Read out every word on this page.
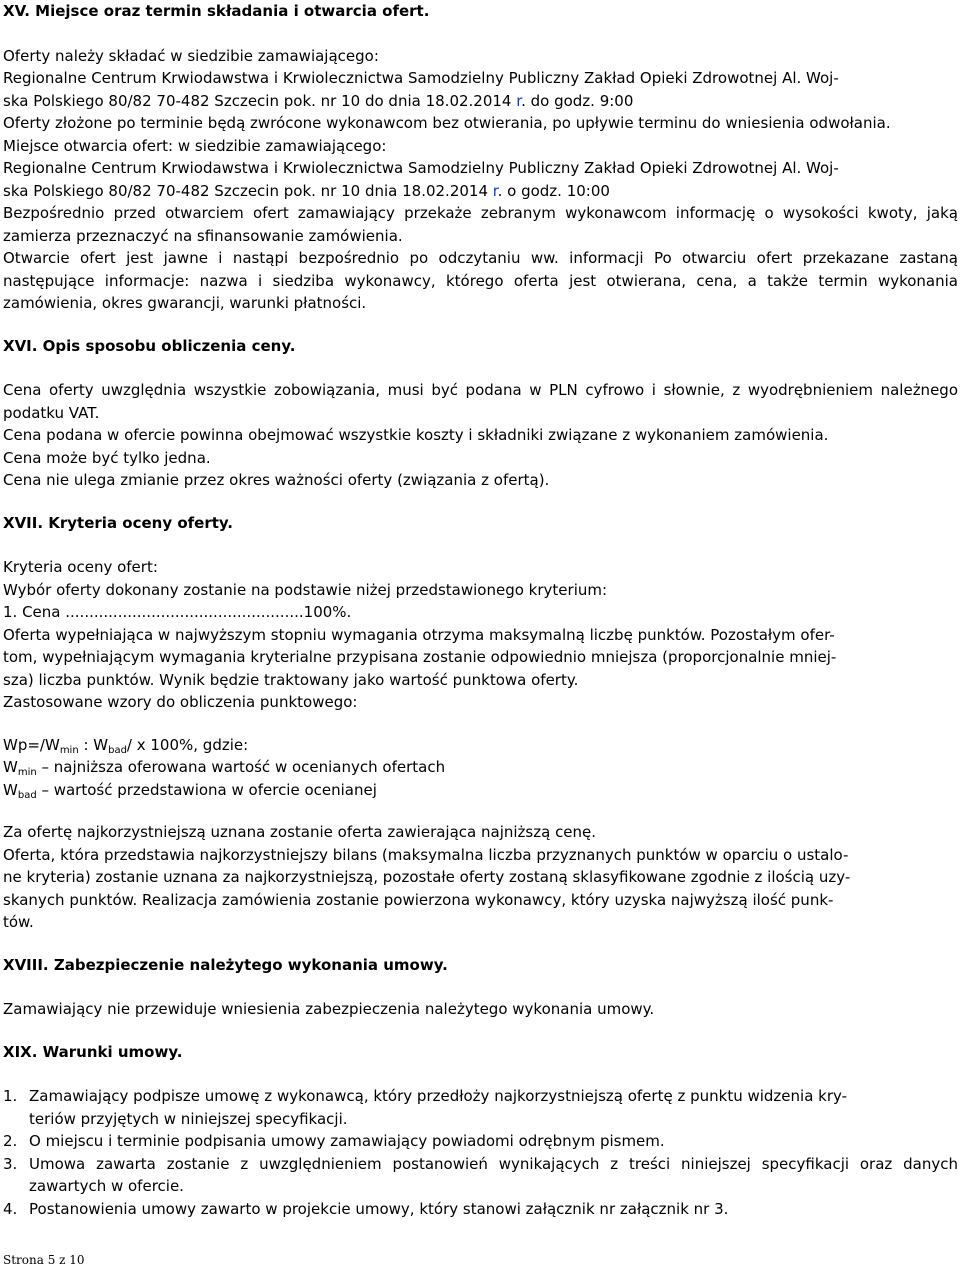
XV. Miejsce oraz termin składania i otwarcia ofert.

Oferty należy składać w siedzibie zamawiającego:

Regionalne Centrum Krwiodawstwa i Krwiolecznictwa Samodzielny Publiczny Zakład Opieki Zdrowotnej Al. Woj-
ska Polskiego 80/82 70-482 Szczecin pok. nr 10 do dnia 18.02.2014 r. do godz. 9:00

Oferty złożone po terminie będą zwrócone wykonawcom bez otwierania, po upływie terminu do wniesienia odwołania.

Miejsce otwarcia ofert: w siedzibie zamawiającego:

Regionalne Centrum Krwiodawstwa i Krwiolecznictwa Samodzielny Publiczny Zakład Opieki Zdrowotnej Al. Woj-
ska Polskiego 80/82 70-482 Szczecin pok. nr 10 dnia 18.02.2014 r. o godz. 10:00

Bezpośrednio przed otwarciem ofert zamawiający przekaże zebranym wykonawcom informację o wysokości kwoty, jaką zamierza przeznaczyć na sfinansowanie zamówienia.

Otwarcie ofert jest jawne i nastąpi bezpośrednio po odczytaniu ww. informacji Po otwarciu ofert przekazane zastaną następujące informacje: nazwa i siedziba wykonawcy, którego oferta jest otwierana, cena, a także termin wykonania zamówienia, okres gwarancji, warunki płatności.

XVI. Opis sposobu obliczenia ceny.

Cena oferty uwzględnia wszystkie zobowiązania, musi być podana w PLN cyfrowo i słownie, z wyodrębnieniem należnego podatku VAT.

Cena podana w ofercie powinna obejmować wszystkie koszty i składniki związane z wykonaniem zamówienia.

Cena może być tylko jedna.

Cena nie ulega zmianie przez okres ważności oferty (związania z ofertą).

XVII. Kryteria oceny oferty.

Kryteria oceny ofert:

Wybór oferty dokonany zostanie na podstawie niżej przedstawionego kryterium:

1. Cena ..................................................100%.

Oferta wypełniająca w najwyższym stopniu wymagania otrzyma maksymalną liczbę punktów. Pozostałym ofer-
tom, wypełniającym wymagania kryterialne przypisana zostanie odpowiednio mniejsza (proporcjonalnie mniej-
sza) liczba punktów. Wynik będzie traktowany jako wartość punktowa oferty.

Zastosowane wzory do obliczenia punktowego:

$Wp=/W_{min}$ : $W_{bad}/$ x 100%, gdzie:

$W_{min}$ – najniższa oferowana wartość w ocenianych ofertach

$W_{bad}$ – wartość przedstawiona w ofercie ocenianej

Za ofertę najkorzystniejszą uznana zostanie oferta zawierająca najniższą cenę.

Oferta, która przedstawia najkorzystniejszy bilans (maksymalna liczba przyznanych punktów w oparciu o ustalo-
ne kryteria) zostanie uznana za najkorzystniejszą, pozostałe oferty zostaną sklasyfikowane zgodnie z ilością uzy-
skanych punktów. Realizacja zamówienia zostanie powierzona wykonawcy, który uzyska najwyższą ilość punk-
tów.

XVIII. Zabezpieczenie należytego wykonania umowy.

Zamawiający nie przewiduje wniesienia zabezpieczenia należytego wykonania umowy.

XIX. Warunki umowy.
1. Zamawiający podpisze umowę z wykonawcą, który przedłoży najkorzystniejszą ofertę z punktu widzenia kry-
teriów przyjętych w niniejszej specyfikacji.
2. O miejscu i terminie podpisania umowy zamawiający powiadomi odrębnym pismem.
3. Umowa zawarta zostanie z uwzględnieniem postanowień wynikających z treści niniejszej specyfikacji oraz danych zawartych w ofercie.
4. Postanowienia umowy zawarto w projekcie umowy, który stanowi załącznik nr załącznik nr 3.
Strona 5 z 10
